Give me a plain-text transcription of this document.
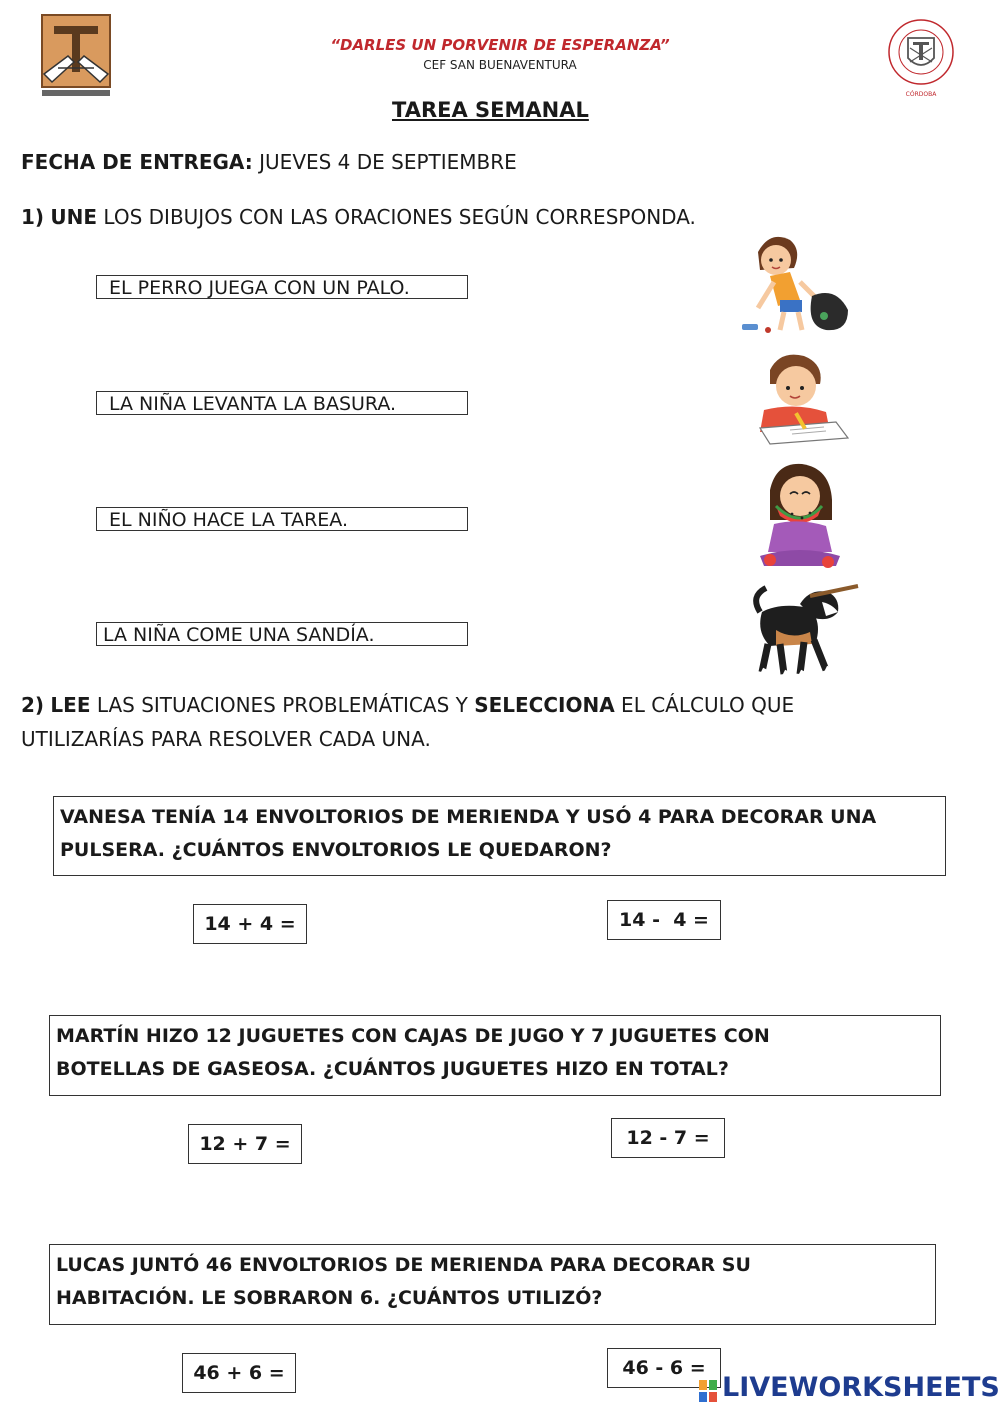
CÓRDOBA
“DARLES UN PORVENIR DE ESPERANZA”
CEF SAN BUENAVENTURA
TAREA SEMANAL
FECHA DE ENTREGA: JUEVES 4 DE SEPTIEMBRE
1) UNE LOS DIBUJOS CON LAS ORACIONES SEGÚN CORRESPONDA.
EL PERRO JUEGA CON UN PALO.
LA NIÑA LEVANTA LA BASURA.
EL NIÑO HACE LA TAREA.
LA NIÑA COME UNA SANDÍA.
2) LEE LAS SITUACIONES PROBLEMÁTICAS Y SELECCIONA EL CÁLCULO QUE
UTILIZARÍAS PARA RESOLVER CADA UNA.
VANESA TENÍA 14 ENVOLTORIOS DE MERIENDA Y USÓ 4 PARA DECORAR UNA
PULSERA. ¿CUÁNTOS ENVOLTORIOS LE QUEDARON?
14 + 4 =	14 -  4 =
MARTÍN HIZO 12 JUGUETES CON CAJAS DE JUGO Y 7 JUGUETES CON
BOTELLAS DE GASEOSA. ¿CUÁNTOS JUGUETES HIZO EN TOTAL?
12 + 7 =	12 - 7 =
LUCAS JUNTÓ 46 ENVOLTORIOS DE MERIENDA PARA DECORAR SU
HABITACIÓN. LE SOBRARON 6. ¿CUÁNTOS UTILIZÓ?
46 + 6 =	46 - 6 =
LIVEWORKSHEETS
